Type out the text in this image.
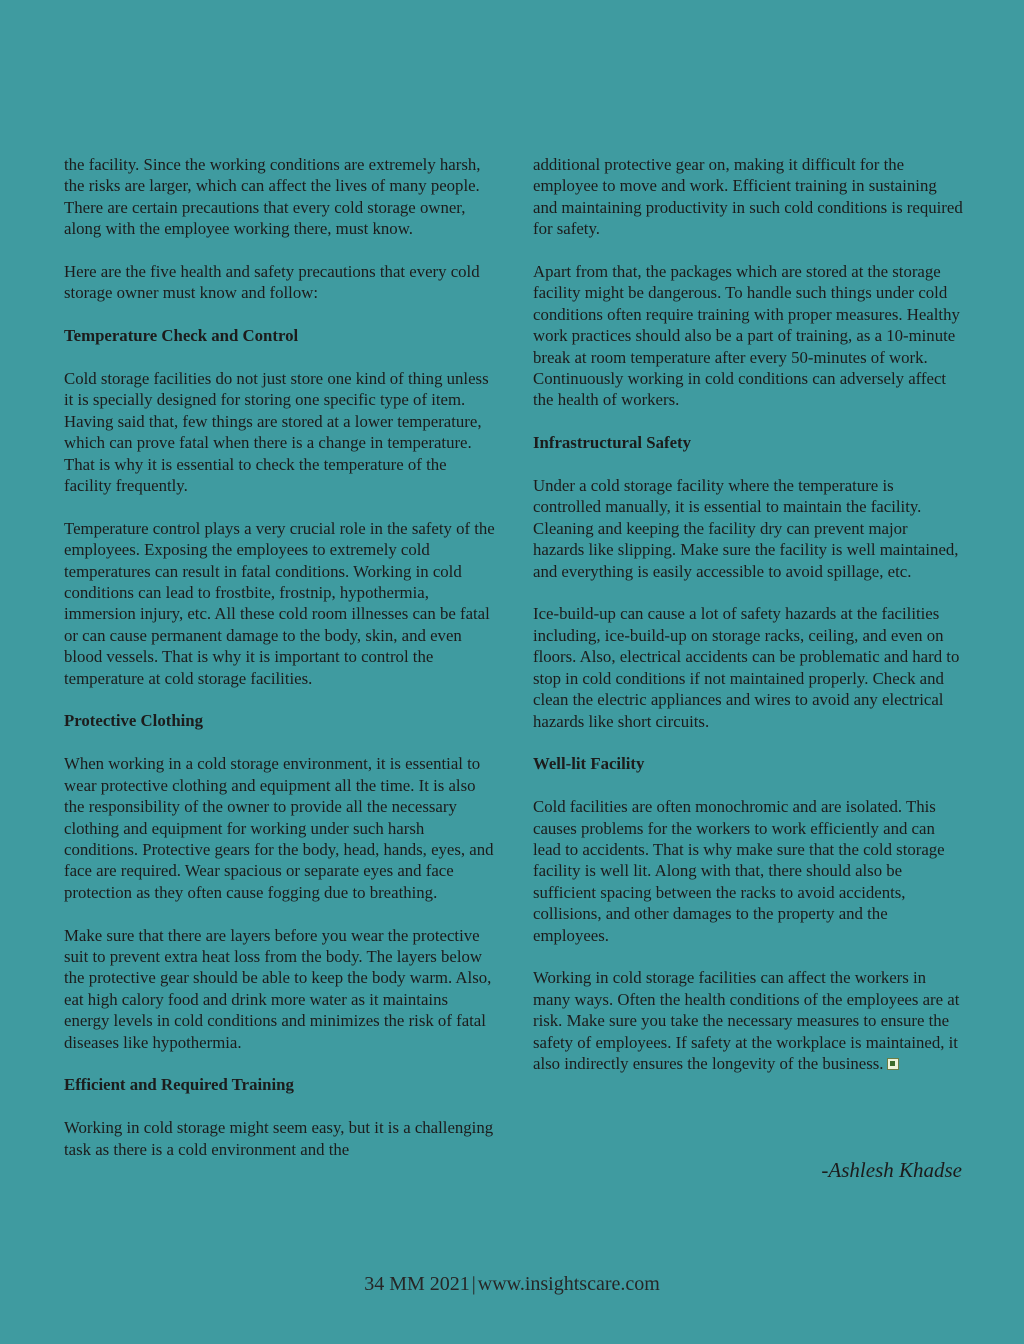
the facility. Since the working conditions are extremely harsh, the risks are larger, which can affect the lives of many people. There are certain precautions that every cold storage owner, along with the employee working there, must know.

Here are the five health and safety precautions that every cold storage owner must know and follow:

Temperature Check and Control

Cold storage facilities do not just store one kind of thing unless it is specially designed for storing one specific type of item. Having said that, few things are stored at a lower temperature, which can prove fatal when there is a change in temperature. That is why it is essential to check the temperature of the facility frequently.

Temperature control plays a very crucial role in the safety of the employees. Exposing the employees to extremely cold temperatures can result in fatal conditions. Working in cold conditions can lead to frostbite, frostnip, hypothermia, immersion injury, etc. All these cold room illnesses can be fatal or can cause permanent damage to the body, skin, and even blood vessels. That is why it is important to control the temperature at cold storage facilities.

Protective Clothing

When working in a cold storage environment, it is essential to wear protective clothing and equipment all the time. It is also the responsibility of the owner to provide all the necessary clothing and equipment for working under such harsh conditions. Protective gears for the body, head, hands, eyes, and face are required. Wear spacious or separate eyes and face protection as they often cause fogging due to breathing.

Make sure that there are layers before you wear the protective suit to prevent extra heat loss from the body. The layers below the protective gear should be able to keep the body warm. Also, eat high calory food and drink more water as it maintains energy levels in cold conditions and minimizes the risk of fatal diseases like hypothermia.

Efficient and Required Training

Working in cold storage might seem easy, but it is a challenging task as there is a cold environment and the

additional protective gear on, making it difficult for the employee to move and work. Efficient training in sustaining and maintaining productivity in such cold conditions is required for safety.

Apart from that, the packages which are stored at the storage facility might be dangerous. To handle such things under cold conditions often require training with proper measures. Healthy work practices should also be a part of training, as a 10-minute break at room temperature after every 50-minutes of work. Continuously working in cold conditions can adversely affect the health of workers.

Infrastructural Safety

Under a cold storage facility where the temperature is controlled manually, it is essential to maintain the facility. Cleaning and keeping the facility dry can prevent major hazards like slipping. Make sure the facility is well maintained, and everything is easily accessible to avoid spillage, etc.

Ice-build-up can cause a lot of safety hazards at the facilities including, ice-build-up on storage racks, ceiling, and even on floors. Also, electrical accidents can be problematic and hard to stop in cold conditions if not maintained properly. Check and clean the electric appliances and wires to avoid any electrical hazards like short circuits.

Well-lit Facility

Cold facilities are often monochromic and are isolated. This causes problems for the workers to work efficiently and can lead to accidents. That is why make sure that the cold storage facility is well lit. Along with that, there should also be sufficient spacing between the racks to avoid accidents, collisions, and other damages to the property and the employees.

Working in cold storage facilities can affect the workers in many ways. Often the health conditions of the employees are at risk. Make sure you take the necessary measures to ensure the safety of employees. If safety at the workplace is maintained, it also indirectly ensures the longevity of the business.

-Ashlesh Khadse
34 MM 2021 | www.insightscare.com
